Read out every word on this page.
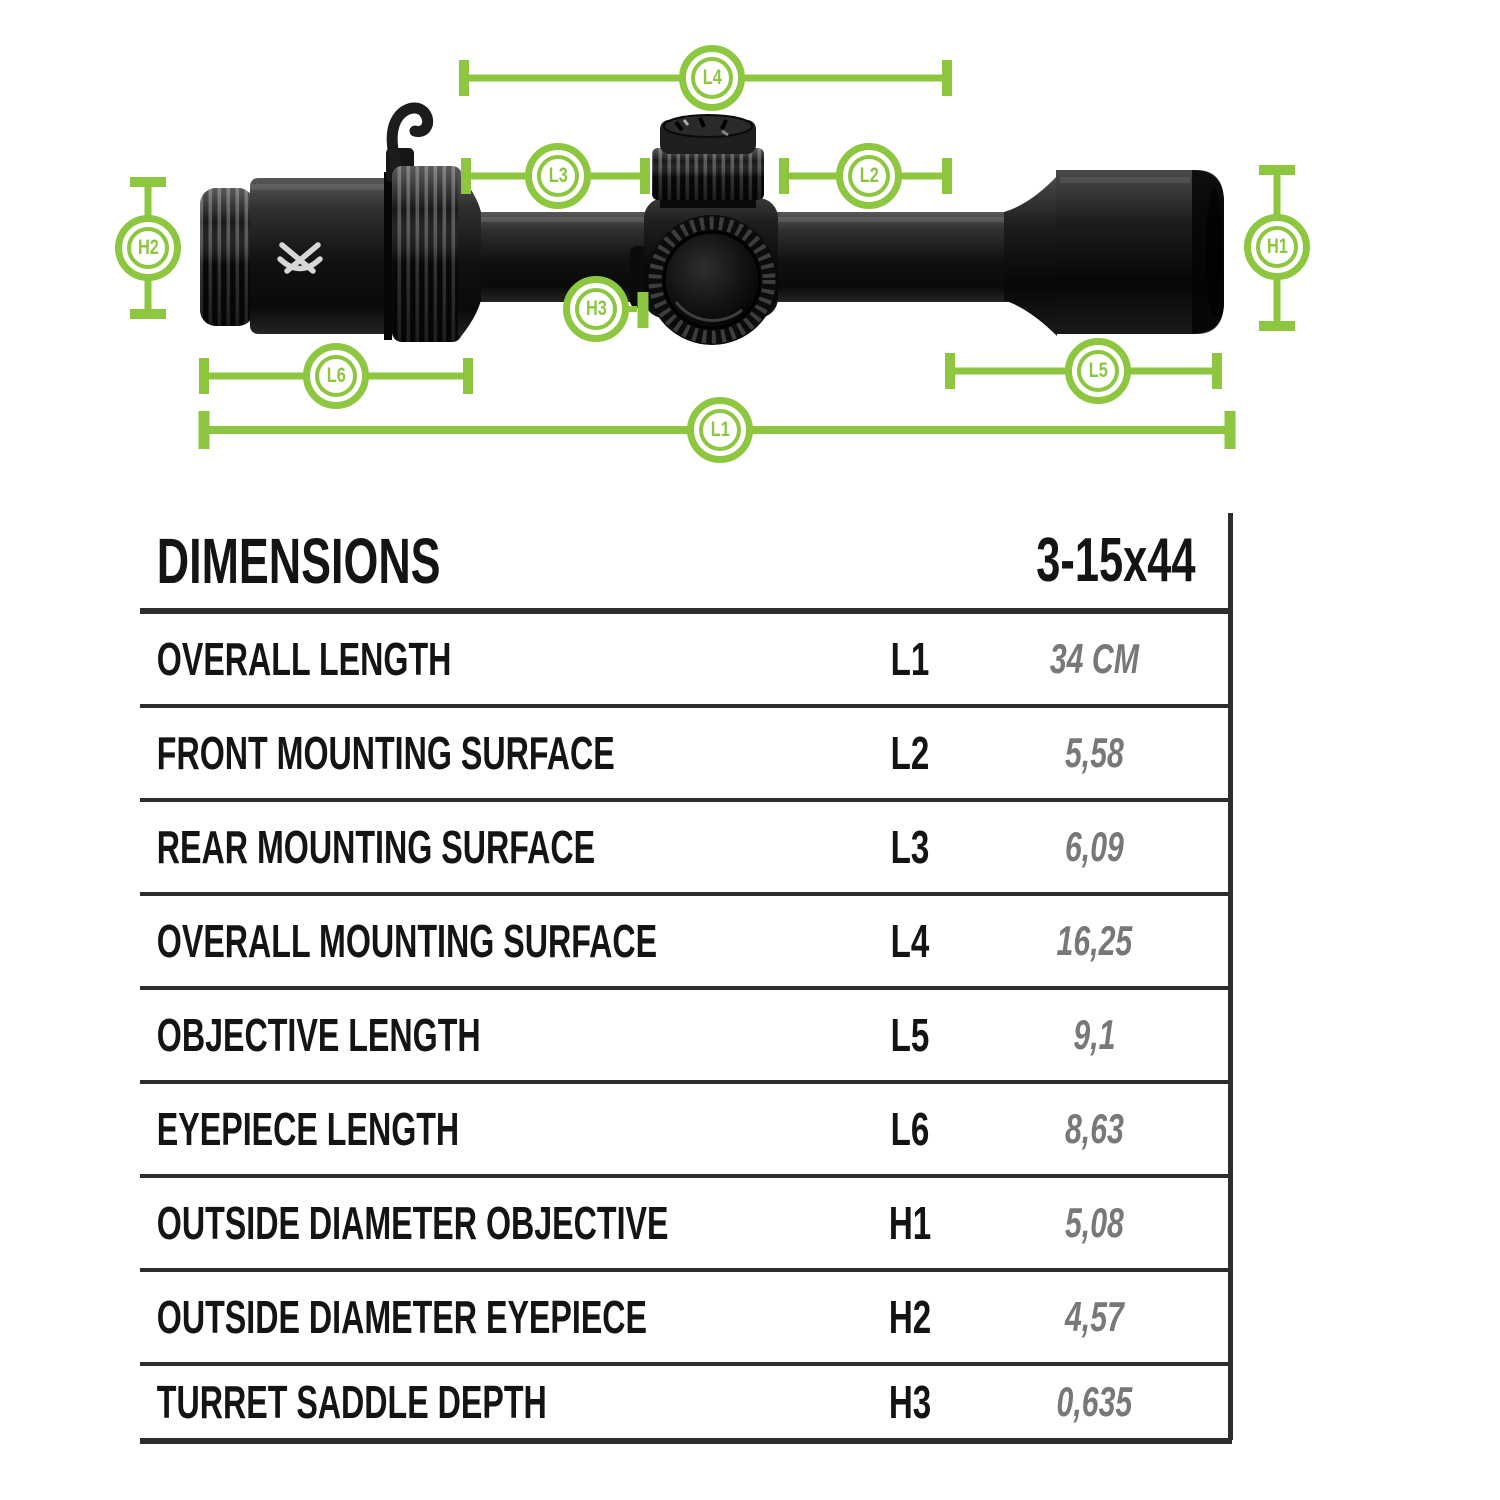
L4
L3	L2
H2	H1
H3
L6	L5
L1
DIMENSIONS	3-15x44
OVERALL LENGTH	L1	34 CM
FRONT MOUNTING SURFACE	L2	5,58
REAR MOUNTING SURFACE	L3	6,09
OVERALL MOUNTING SURFACE	L4	16,25
OBJECTIVE LENGTH	L5	9,1
EYEPIECE LENGTH	L6	8,63
OUTSIDE DIAMETER OBJECTIVE	H1	5,08
OUTSIDE DIAMETER EYEPIECE	H2	4,57
TURRET SADDLE DEPTH	H3	0,635
